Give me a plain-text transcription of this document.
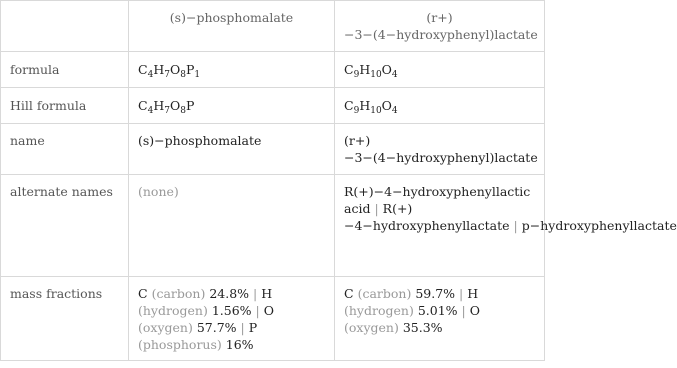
	(s)−phosphomalate	(r+)−3−(4−hydroxyphenyl)lactate
formula	$C_4H_7O_8P_1$	$C_9H_{10}O_4$
Hill formula	$C_4H_7O_8P$	$C_9H_{10}O_4$
name	(s)−phosphomalate	(r+)−3−(4−hydroxyphenyl)lactate
alternate names	(none)	R(+)−4−hydroxyphenyllactic acid | R(+)−4−hydroxyphenyllactate | p−hydroxyphenyllactate
mass fractions	C (carbon) 24.8% | H (hydrogen) 1.56% | O (oxygen) 57.7% | P (phosphorus) 16%	C (carbon) 59.7% | H (hydrogen) 5.01% | O (oxygen) 35.3%
